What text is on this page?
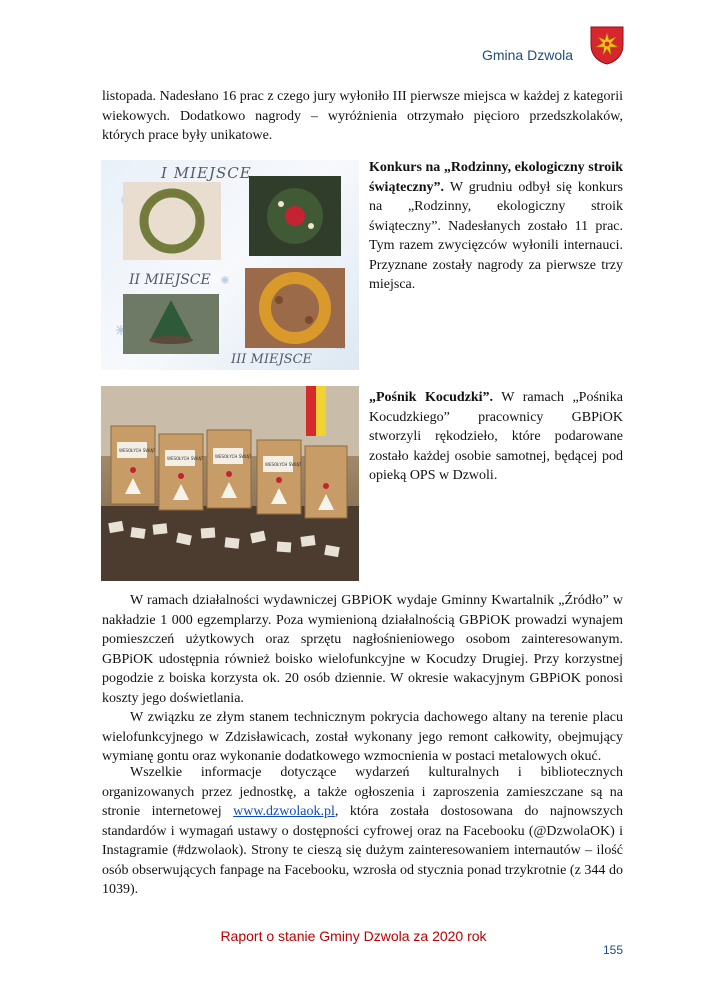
Gmina Dzwola

listopada. Nadesłano 16 prac z czego jury wyłoniło III pierwsze miejsca w każdej z kategorii wiekowych. Dodatkowo nagrody – wyróżnienia otrzymało pięcioro przedszkolaków, których prace były unikatowe.

I MIEJSCE
II MIEJSCE
III MIEJSCE

Konkurs na „Rodzinny, ekologiczny stroik świąteczny”. W grudniu odbył się konkurs na „Rodzinny, ekologiczny stroik świąteczny”. Nadesłanych zostało 11 prac. Tym razem zwycięzców wyłonili internauci. Przyznane zostały nagrody za pierwsze trzy miejsca.

WESOŁYCH ŚWIĄT
WESOŁYCH ŚWIĄT	WESOŁYCH ŚWIĄT
WESOŁYCH ŚWIĄT

„Pośnik Kocudzki”. W ramach „Pośnika Kocudzkiego” pracownicy GBPiOK stworzyli rękodzieło, które podarowane zostało każdej osobie samotnej, będącej pod opieką OPS w Dzwoli.

W ramach działalności wydawniczej GBPiOK wydaje Gminny Kwartalnik „Źródło” w nakładzie 1 000 egzemplarzy. Poza wymienioną działalnością GBPiOK prowadzi wynajem pomieszczeń użytkowych oraz sprzętu nagłośnieniowego osobom zainteresowanym. GBPiOK udostępnia również boisko wielofunkcyjne w Kocudzy Drugiej. Przy korzystnej pogodzie z boiska korzysta ok. 20 osób dziennie. W okresie wakacyjnym GBPiOK ponosi koszty jego doświetlania.

W związku ze złym stanem technicznym pokrycia dachowego altany na terenie placu wielofunkcyjnego w Zdzisławicach, został wykonany jego remont całkowity, obejmujący wymianę gontu oraz wykonanie dodatkowego wzmocnienia w postaci metalowych okuć.

Wszelkie informacje dotyczące wydarzeń kulturalnych i bibliotecznych organizowanych przez jednostkę, a także ogłoszenia i zaproszenia zamieszczane są na stronie internetowej www.dzwolaok.pl, która została dostosowana do najnowszych standardów i wymagań ustawy o dostępności cyfrowej oraz na Facebooku (@DzwolaOK) i Instagramie (#dzwolaok). Strony te cieszą się dużym zainteresowaniem internautów – ilość osób obserwujących fanpage na Facebooku, wzrosła od stycznia ponad trzykrotnie (z 344 do 1039).

Raport o stanie Gminy Dzwola za 2020 rok
155
